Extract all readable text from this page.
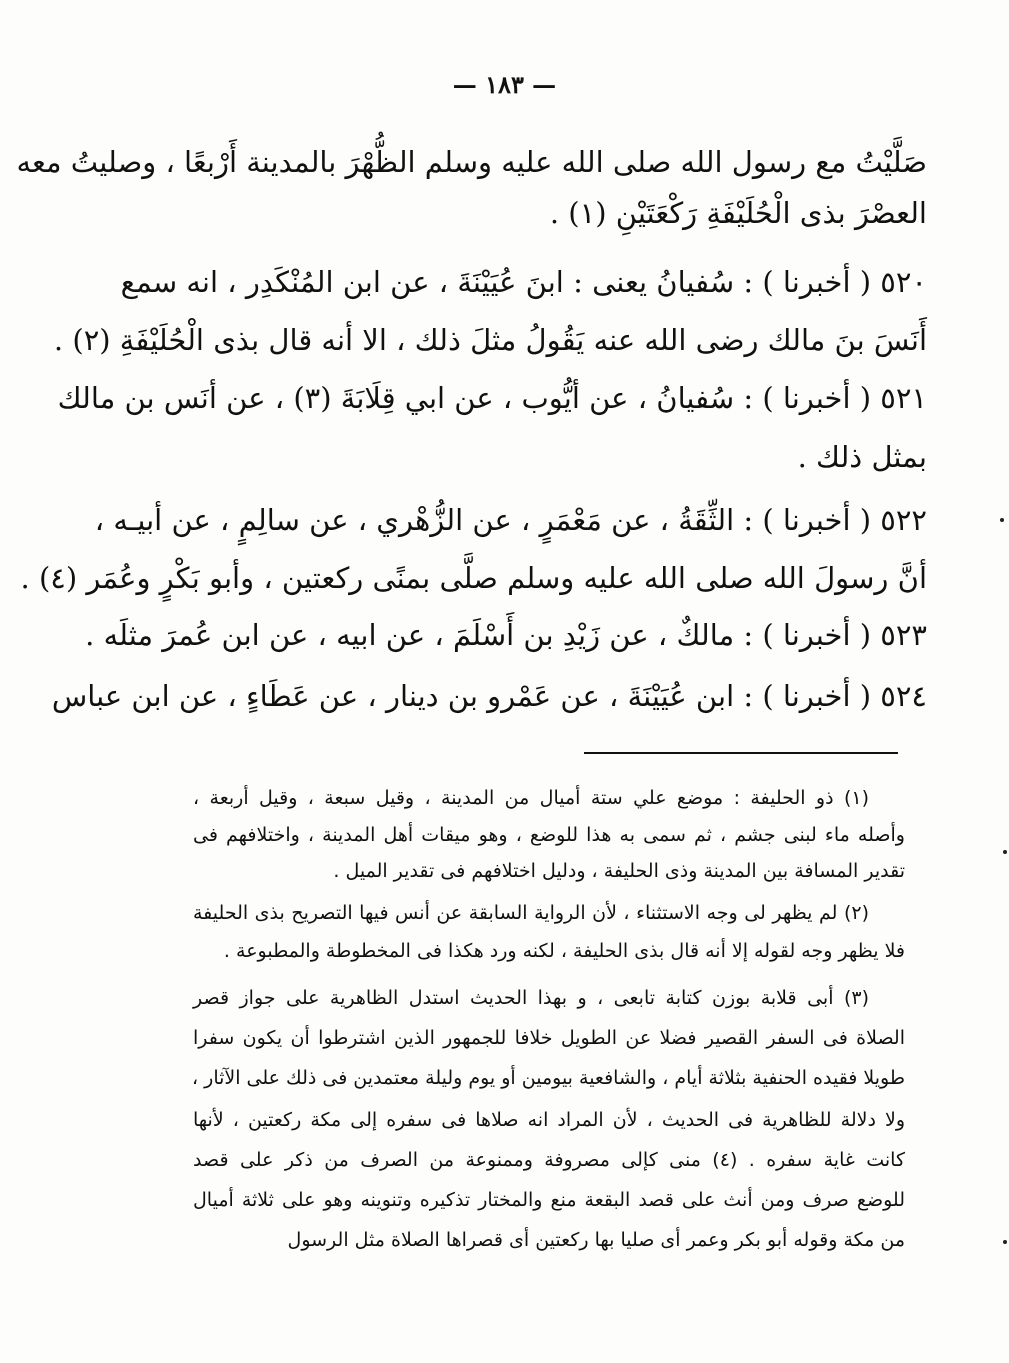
— ١٨٣ —
صَلَّيْتُ مع رسول الله صلى الله عليه وسلم الظُّهْرَ بالمدينة أَرْبعًا ، وصليتُ معه
العصْرَ بذى الْحُلَيْفَةِ رَكْعَتَيْنِ (١) .
٥٢٠ ( أخبرنا ) : سُفيانُ يعنى : ابنَ عُيَيْنَةَ ، عن ابن المُنْكَدِر ، انه سمع
أَنَسَ بنَ مالك رضى الله عنه يَقُولُ مثلَ ذلك ، الا أنه قال بذى الْحُلَيْفَةِ (٢) .
٥٢١ ( أخبرنا ) : سُفيانُ ، عن أيُّوب ، عن ابي قِلَابَةَ (٣) ، عن أنَس بن مالك
بمثل ذلك .
٥٢٢ ( أخبرنا ) : الثِّقَةُ ، عن مَعْمَرٍ ، عن الزُّهْري ، عن سالِمٍ ، عن أبيـه ،
أنَّ رسولَ الله صلى الله عليه وسلم صلَّى بمنًى ركعتين ، وأبو بَكْرٍ وعُمَر (٤) .
٥٢٣ ( أخبرنا ) : مالكٌ ، عن زَيْدِ بن أَسْلَمَ ، عن ابيه ، عن ابن عُمرَ مثلَه .
٥٢٤ ( أخبرنا ) : ابن عُيَيْنَةَ ، عن عَمْرو بن دينار ، عن عَطَاءٍ ، عن ابن عباس
(١) ذو الحليفة : موضع علي ستة أميال من المدينة ، وقيل سبعة ، وقيل أربعة ،
وأصله ماء لبنى جشم ، ثم سمى به هذا للوضع ، وهو ميقات أهل المدينة ، واختلافهم فى
تقدير المسافة بين المدينة وذى الحليفة ، ودليل اختلافهم فى تقدير الميل .
(٢) لم يظهر لى وجه الاستثناء ، لأن الرواية السابقة عن أنس فيها التصريح بذى الحليفة
فلا يظهر وجه لقوله إلا أنه قال بذى الحليفة ، لكنه ورد هكذا فى المخطوطة والمطبوعة .
(٣) أبى قلابة بوزن كتابة تابعى ، و بهذا الحديث استدل الظاهرية على جواز قصر
الصلاة فى السفر القصير فضلا عن الطويل خلافا للجمهور الذين اشترطوا أن يكون سفرا
طويلا فقيده الحنفية بثلاثة أيام ، والشافعية بيومين أو يوم وليلة معتمدين فى ذلك على الآثار ،
ولا دلالة للظاهرية فى الحديث ، لأن المراد انه صلاها فى سفره إلى مكة ركعتين ، لأنها
كانت غاية سفره . (٤) منى كإلى مصروفة وممنوعة من الصرف من ذكر على قصد
للوضع صرف ومن أنث على قصد البقعة منع والمختار تذكيره وتنوينه وهو على ثلاثة أميال
من مكة وقوله أبو بكر وعمر أى صليا بها ركعتين أى قصراها الصلاة مثل الرسول
